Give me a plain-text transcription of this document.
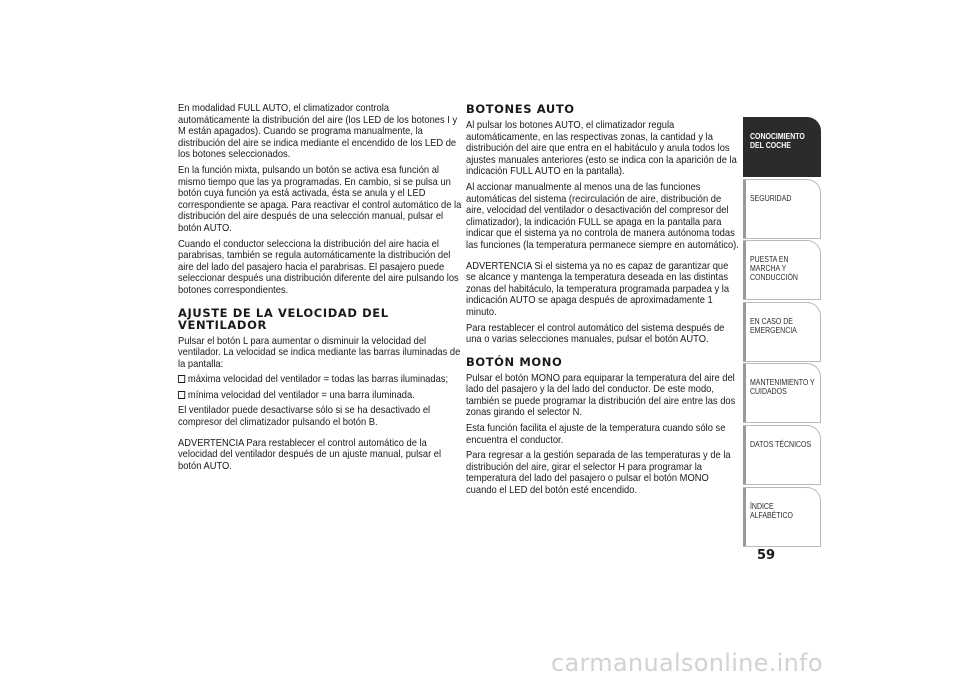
En modalidad FULL AUTO, el climatizador controla automáticamente la distribución del aire (los LED de los botones I y M están apagados). Cuando se programa manualmente, la distribución del aire se indica mediante el encendido de los LED de los botones seleccionados.

En la función mixta, pulsando un botón se activa esa función al mismo tiempo que las ya programadas. En cambio, si se pulsa un botón cuya función ya está activada, ésta se anula y el LED correspondiente se apaga. Para reactivar el control automático de la distribución del aire después de una selección manual, pulsar el botón AUTO.

Cuando el conductor selecciona la distribución del aire hacia el parabrisas, también se regula automáticamente la distribución del aire del lado del pasajero hacia el parabrisas. El pasajero puede seleccionar después una distribución diferente del aire pulsando los botones correspondientes.

AJUSTE DE LA VELOCIDAD DEL VENTILADOR

Pulsar el botón L para aumentar o disminuir la velocidad del ventilador. La velocidad se indica mediante las barras iluminadas de la pantalla:

máxima velocidad del ventilador = todas las barras iluminadas;

mínima velocidad del ventilador = una barra iluminada.

El ventilador puede desactivarse sólo si se ha desactivado el compresor del climatizador pulsando el botón B.

ADVERTENCIA Para restablecer el control automático de la velocidad del ventilador después de un ajuste manual, pulsar el botón AUTO.

BOTONES AUTO

Al pulsar los botones AUTO, el climatizador regula automáticamente, en las respectivas zonas, la cantidad y la distribución del aire que entra en el habitáculo y anula todos los ajustes manuales anteriores (esto se indica con la aparición de la indicación FULL AUTO en la pantalla).

Al accionar manualmente al menos una de las funciones automáticas del sistema (recirculación de aire, distribución de aire, velocidad del ventilador o desactivación del compresor del climatizador), la indicación FULL se apaga en la pantalla para indicar que el sistema ya no controla de manera autónoma todas las funciones (la temperatura permanece siempre en automático).

ADVERTENCIA Si el sistema ya no es capaz de garantizar que se alcance y mantenga la temperatura deseada en las distintas zonas del habitáculo, la temperatura programada parpadea y la indicación AUTO se apaga después de aproximadamente 1 minuto.

Para restablecer el control automático del sistema después de una o varias selecciones manuales, pulsar el botón AUTO.

BOTÓN MONO

Pulsar el botón MONO para equiparar la temperatura del aire del lado del pasajero y la del lado del conductor. De este modo, también se puede programar la distribución del aire entre las dos zonas girando el selector N.

Esta función facilita el ajuste de la temperatura cuando sólo se encuentra el conductor.

Para regresar a la gestión separada de las temperaturas y de la distribución del aire, girar el selector H para programar la temperatura del lado del pasajero o pulsar el botón MONO cuando el LED del botón esté encendido.

CONOCIMIENTO DEL COCHE
SEGURIDAD
PUESTA EN MARCHA Y CONDUCCIÓN
EN CASO DE EMERGENCIA
MANTENIMIENTO Y CUIDADOS
DATOS TÉCNICOS
ÍNDICE ALFABÉTICO
59
carmanualsonline.info
